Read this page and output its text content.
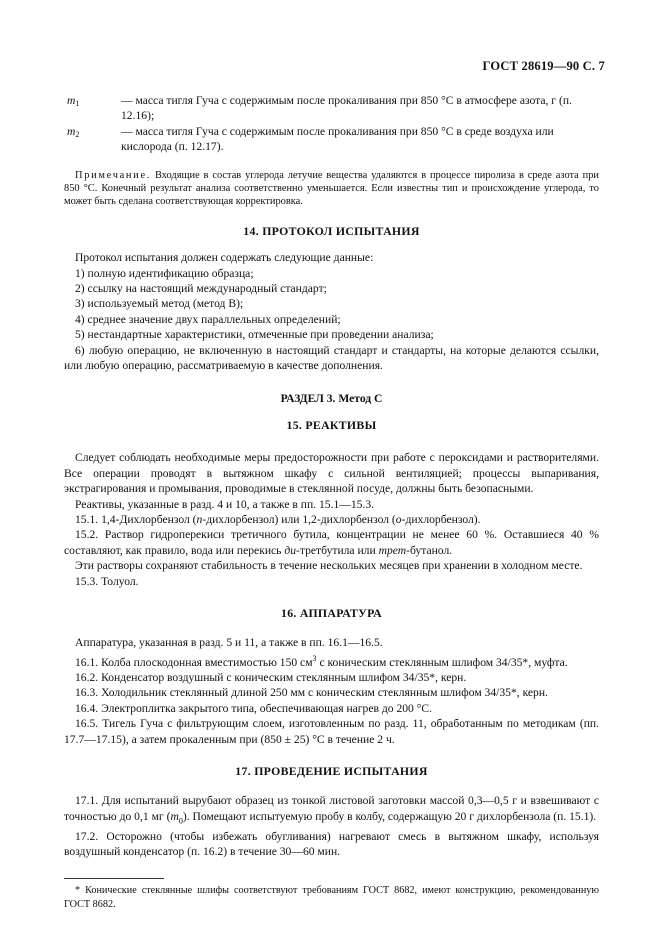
ГОСТ 28619—90 С. 7

$m_1$	— масса тигля Гуча с содержимым после прокаливания при 850 °С в атмосфере азота, г (п. 12.16);

$m_2$	— масса тигля Гуча с содержимым после прокаливания при 850 °С в среде воздуха или кислорода (п. 12.17).

Примечание. Входящие в состав углерода летучие вещества удаляются в процессе пиролиза в среде азота при 850 °С. Конечный результат анализа соответственно уменьшается. Если известны тип и происхождение углерода, то может быть сделана соответствующая корректировка.

14. ПРОТОКОЛ ИСПЫТАНИЯ

Протокол испытания должен содержать следующие данные:

1) полную идентификацию образца;

2) ссылку на настоящий международный стандарт;

3) используемый метод (метод В);

4) среднее значение двух параллельных определений;

5) нестандартные характеристики, отмеченные при проведении анализа;

6) любую операцию, не включенную в настоящий стандарт и стандарты, на которые делаются ссылки, или любую операцию, рассматриваемую в качестве дополнения.

РАЗДЕЛ 3. Метод С
15. РЕАКТИВЫ

Следует соблюдать необходимые меры предосторожности при работе с пероксидами и растворителями. Все операции проводят в вытяжном шкафу с сильной вентиляцией; процессы выпаривания, экстрагирования и промывания, проводимые в стеклянной посуде, должны быть безопасными.

Реактивы, указанные в разд. 4 и 10, а также в пп. 15.1—15.3.

15.1. 1,4-Дихлорбензол (п-дихлорбензол) или 1,2-дихлорбензол (о-дихлорбензол).

15.2. Раствор гидроперекиси третичного бутила, концентрации не менее 60 %. Оставшиеся 40 % составляют, как правило, вода или перекись ди-третбутила или трет-бутанол.

Эти растворы сохраняют стабильность в течение нескольких месяцев при хранении в холодном месте.

15.3. Толуол.

16. АППАРАТУРА

Аппаратура, указанная в разд. 5 и 11, а также в пп. 16.1—16.5.

16.1. Колба плоскодонная вместимостью 150 $см^3$ с коническим стеклянным шлифом 34/35*, муфта.

16.2. Конденсатор воздушный с коническим стеклянным шлифом 34/35*, керн.

16.3. Холодильник стеклянный длиной 250 мм с коническим стеклянным шлифом 34/35*, керн.

16.4. Электроплитка закрытого типа, обеспечивающая нагрев до 200 °С.

16.5. Тигель Гуча с фильтрующим слоем, изготовленным по разд. 11, обработанным по методикам (пп. 17.7—17.15), а затем прокаленным при (850 ± 25) °С в течение 2 ч.

17. ПРОВЕДЕНИЕ ИСПЫТАНИЯ

17.1. Для испытаний вырубают образец из тонкой листовой заготовки массой 0,3—0,5 г и взвешивают с точностью до 0,1 мг $(m_0)$. Помещают испытуемую пробу в колбу, содержащую 20 г дихлорбензола (п. 15.1).

17.2. Осторожно (чтобы избежать обугливания) нагревают смесь в вытяжном шкафу, используя воздушный конденсатор (п. 16.2) в течение 30—60 мин.

* Конические стеклянные шлифы соответствуют требованиям ГОСТ 8682, имеют конструкцию, рекомендованную ГОСТ 8682.
